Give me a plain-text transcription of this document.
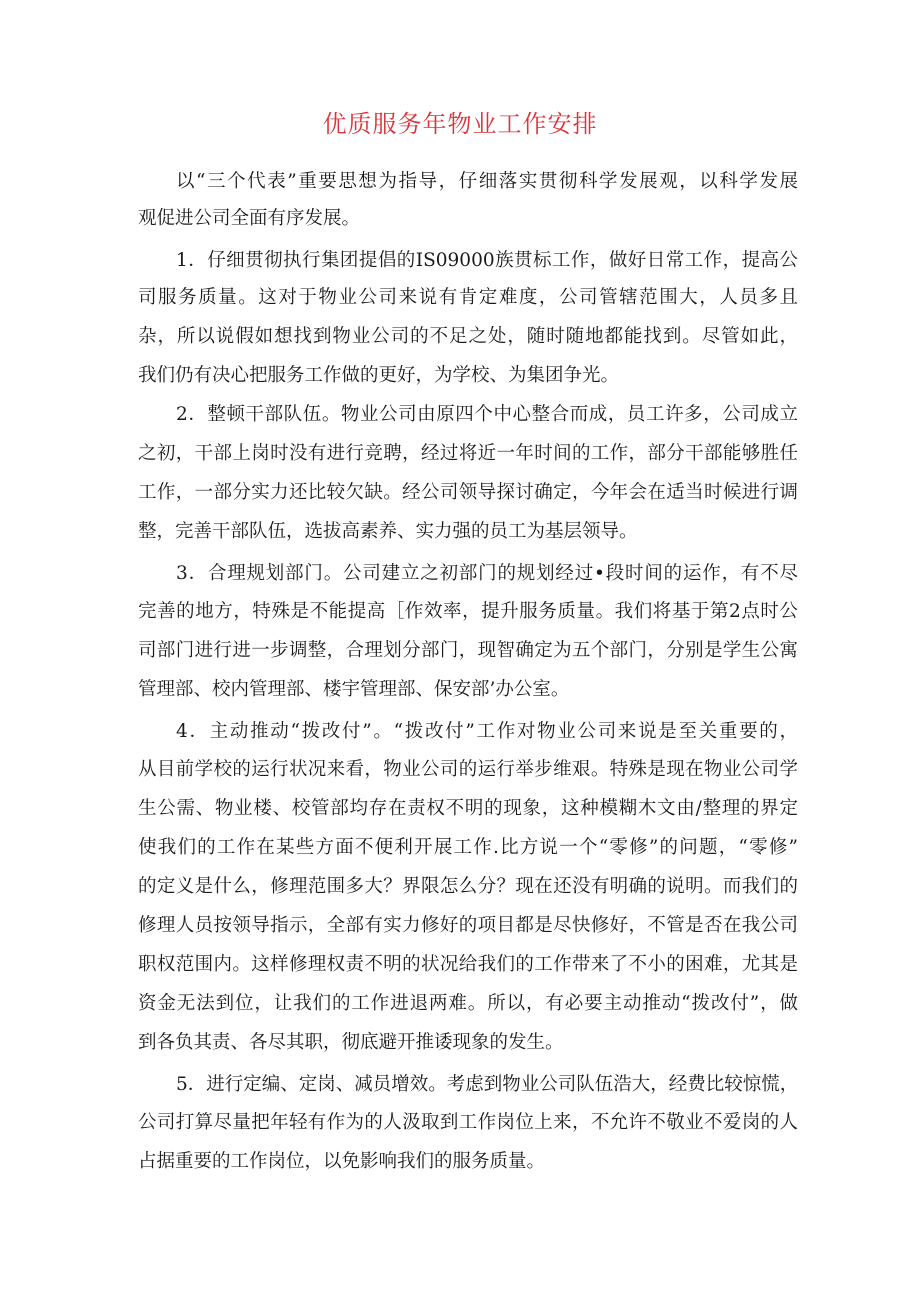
优质服务年物业工作安排
以“三个代表”重要思想为指导，仔细落实贯彻科学发展观，以科学发展
观促进公司全面有序发展。
1．仔细贯彻执行集团提倡的IS09000族贯标工作，做好日常工作，提高公
司服务质量。这对于物业公司来说有肯定难度，公司管辖范围大，人员多且
杂，所以说假如想找到物业公司的不足之处，随时随地都能找到。尽管如此，
我们仍有决心把服务工作做的更好，为学校、为集团争光。
2．整顿干部队伍。物业公司由原四个中心整合而成，员工许多，公司成立
之初，干部上岗时没有进行竞聘，经过将近一年时间的工作，部分干部能够胜任
工作，一部分实力还比较欠缺。经公司领导探讨确定，今年会在适当时候进行调
整，完善干部队伍，选拔高素养、实力强的员工为基层领导。
3．合理规划部门。公司建立之初部门的规划经过•段时间的运作，有不尽
完善的地方，特殊是不能提高［作效率，提升服务质量。我们将基于第2点时公
司部门进行进一步调整，合理划分部门，现智确定为五个部门，分别是学生公寓
管理部、校内管理部、楼宇管理部、保安部’办公室。
4．主动推动“拨改付”。“拨改付”工作对物业公司来说是至关重要的，
从目前学校的运行状况来看，物业公司的运行举步维艰。特殊是现在物业公司学
生公需、物业楼、校管部均存在责权不明的现象，这种模糊木文由/整理的界定
使我们的工作在某些方面不便利开展工作.比方说一个“零修”的问题，“零修”
的定义是什么，修理范围多大？界限怎么分？现在还没有明确的说明。而我们的
修理人员按领导指示，全部有实力修好的项目都是尽快修好，不管是否在我公司
职权范围内。这样修理权责不明的状况给我们的工作带来了不小的困难，尤其是
资金无法到位，让我们的工作进退两难。所以，有必要主动推动“拨改付”，做
到各负其责、各尽其职，彻底避开推诿现象的发生。
5．进行定编、定岗、减员增效。考虑到物业公司队伍浩大，经费比较惊慌，
公司打算尽量把年轻有作为的人汲取到工作岗位上来，不允许不敬业不爱岗的人
占据重要的工作岗位，以免影响我们的服务质量。
